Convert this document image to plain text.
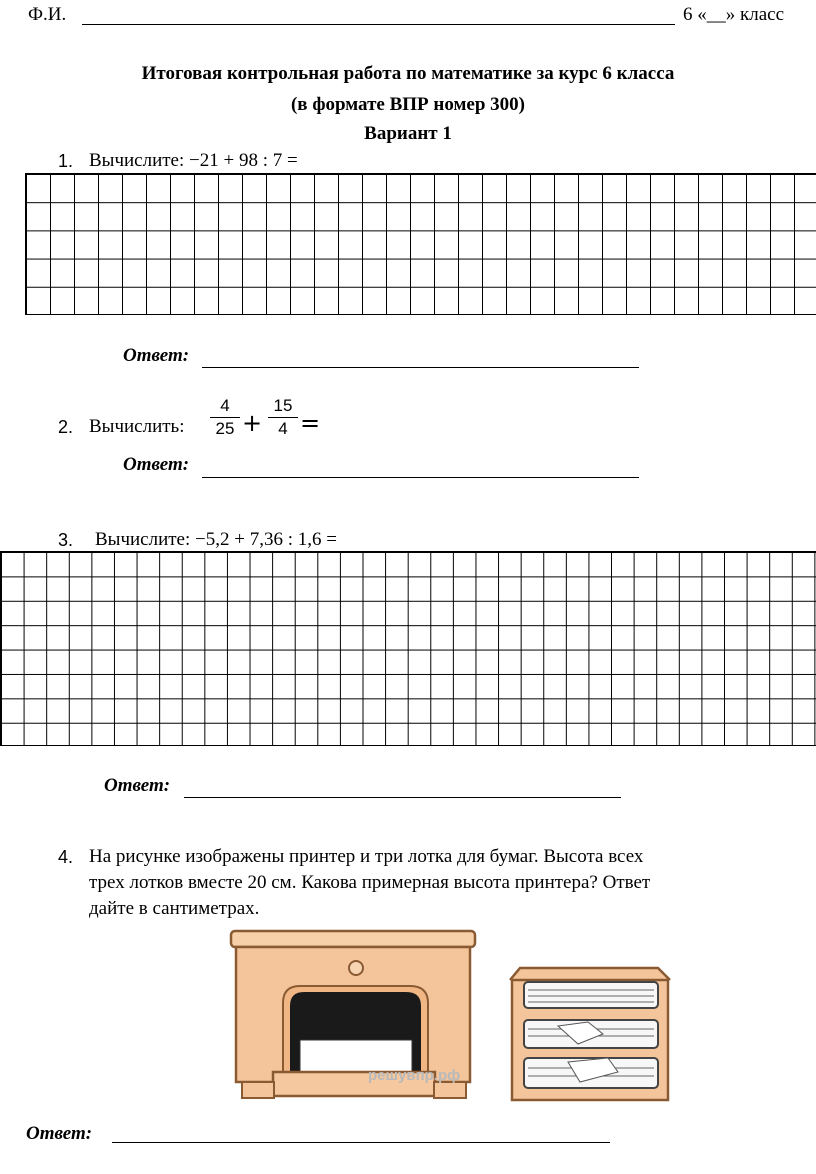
Ф.И.	6 «__» класс
Итоговая контрольная работа по математике за курс 6 класса
(в формате ВПР номер 300)
Вариант 1
1. Вычислите: −21 + 98 : 7 =
Ответ:
2. Вычислить:
4
25 +
15
4 =
Ответ:
3. Вычислите: −5,2 + 7,36 : 1,6 =
Ответ:
4. На рисунке изображены принтер и три лотка для бумаг. Высота всех
трех лотков вместе 20 см. Какова примерная высота принтера? Ответ
дайте в сантиметрах.
решувпр.рф
Ответ:
